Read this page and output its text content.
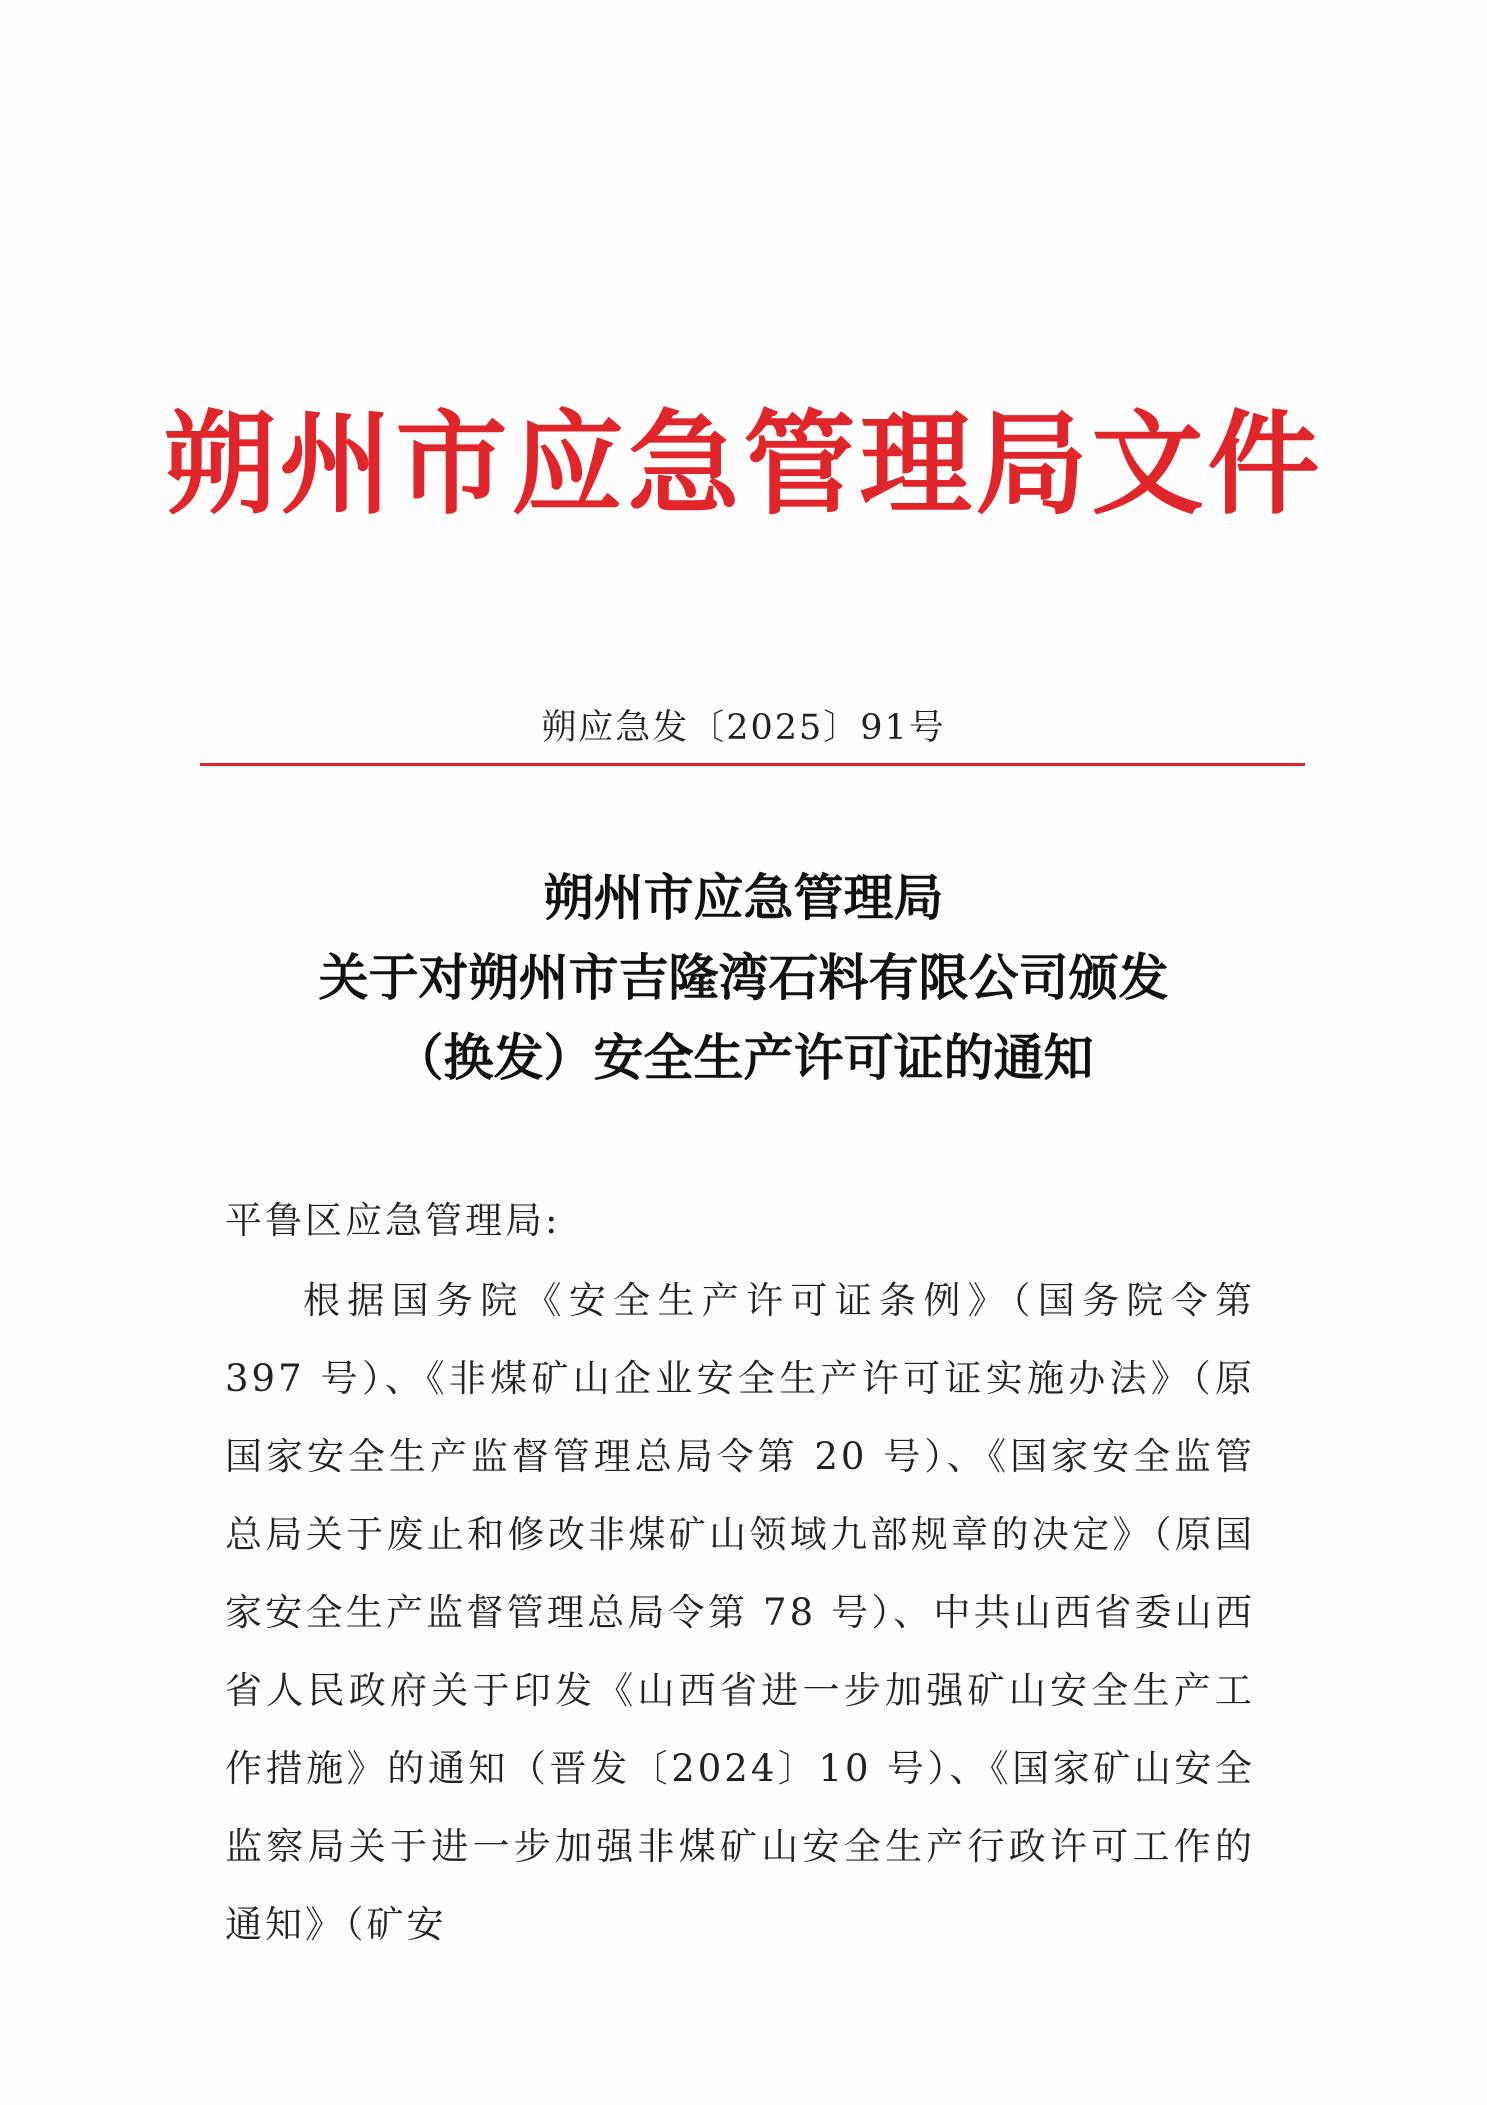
朔州市应急管理局文件
朔应急发〔2025〕91号
朔州市应急管理局
关于对朔州市吉隆湾石料有限公司颁发
（换发）安全生产许可证的通知
平鲁区应急管理局:
根据国务院《安全生产许可证条例》（国务院令第 397 号）、《非煤矿山企业安全生产许可证实施办法》（原国家安全生产监督管理总局令第 20 号）、《国家安全监管总局关于废止和修改非煤矿山领域九部规章的决定》（原国家安全生产监督管理总局令第 78 号）、中共山西省委山西省人民政府关于印发《山西省进一步加强矿山安全生产工作措施》的通知（晋发〔2024〕10 号）、《国家矿山安全监察局关于进一步加强非煤矿山安全生产行政许可工作的通知》（矿安
